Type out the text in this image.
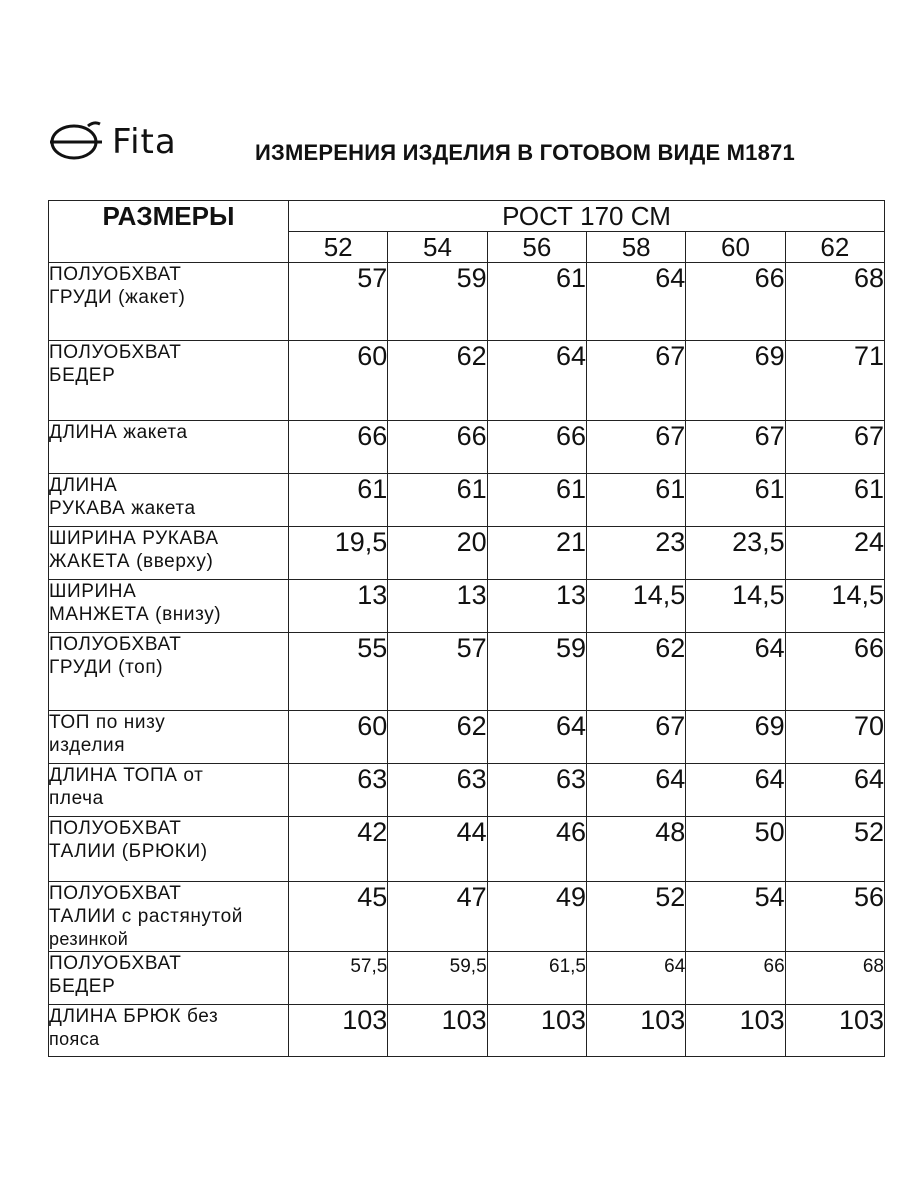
Fita	ИЗМЕРЕНИЯ ИЗДЕЛИЯ В ГОТОВОМ ВИДЕ М1871
РАЗМЕРЫ	РОСТ 170 СМ					
	52	54	56	58	60	62

ПОЛУОБХВАТ
ГРУДИ (жакет)	57	59	61	64	66	68

ПОЛУОБХВАТ
БЕДЕР	60	62	64	67	69	71

ДЛИНА жакета	66	66	66	67	67	67

ДЛИНА
РУКАВА жакета	61	61	61	61	61	61

ШИРИНА РУКАВА
ЖАКЕТА (вверху)	19,5	20	21	23	23,5	24

ШИРИНА
МАНЖЕТА (внизу)	13	13	13	14,5	14,5	14,5

ПОЛУОБХВАТ
ГРУДИ (топ)	55	57	59	62	64	66

ТОП по низу
изделия	60	62	64	67	69	70

ДЛИНА ТОПА от
плеча	63	63	63	64	64	64

ПОЛУОБХВАТ
ТАЛИИ (БРЮКИ)	42	44	46	48	50	52

ПОЛУОБХВАТ
ТАЛИИ с растянутой
резинкой	45	47	49	52	54	56

ПОЛУОБХВАТ
БЕДЕР	57,5	59,5	61,5	64	66	68

ДЛИНА БРЮК без
пояса	103	103	103	103	103	103
